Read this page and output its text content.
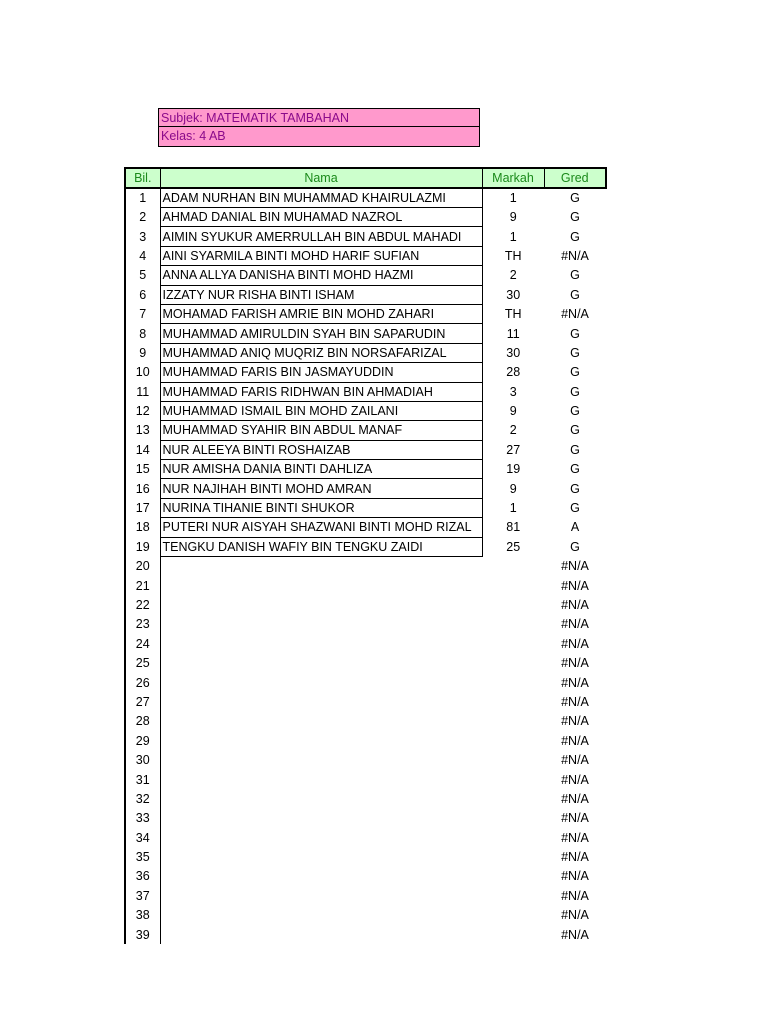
Subjek: MATEMATIK TAMBAHAN
Kelas: 4 AB
Bil.	Nama	Markah	Gred
1	ADAM NURHAN BIN MUHAMMAD KHAIRULAZMI	1	G
2	AHMAD DANIAL BIN MUHAMAD NAZROL	9	G
3	AIMIN SYUKUR AMERRULLAH BIN ABDUL MAHADI	1	G
4	AINI SYARMILA BINTI MOHD HARIF SUFIAN	TH	#N/A
5	ANNA ALLYA DANISHA BINTI MOHD HAZMI	2	G
6	IZZATY NUR RISHA BINTI ISHAM	30	G
7	MOHAMAD FARISH AMRIE BIN MOHD ZAHARI	TH	#N/A
8	MUHAMMAD AMIRULDIN SYAH BIN SAPARUDIN	11	G
9	MUHAMMAD ANIQ MUQRIZ BIN NORSAFARIZAL	30	G
10	MUHAMMAD FARIS BIN JASMAYUDDIN	28	G
11	MUHAMMAD FARIS RIDHWAN BIN AHMADIAH	3	G
12	MUHAMMAD ISMAIL BIN MOHD ZAILANI	9	G
13	MUHAMMAD SYAHIR BIN ABDUL MANAF	2	G
14	NUR ALEEYA BINTI ROSHAIZAB	27	G
15	NUR AMISHA DANIA BINTI DAHLIZA	19	G
16	NUR NAJIHAH BINTI MOHD AMRAN	9	G
17	NURINA TIHANIE BINTI SHUKOR	1	G
18	PUTERI NUR AISYAH SHAZWANI BINTI MOHD RIZAL	81	A
19	TENGKU DANISH WAFIY BIN TENGKU ZAIDI	25	G
20			#N/A
21			#N/A
22			#N/A
23			#N/A
24			#N/A
25			#N/A
26			#N/A
27			#N/A
28			#N/A
29			#N/A
30			#N/A
31			#N/A
32			#N/A
33			#N/A
34			#N/A
35			#N/A
36			#N/A
37			#N/A
38			#N/A
39			#N/A
